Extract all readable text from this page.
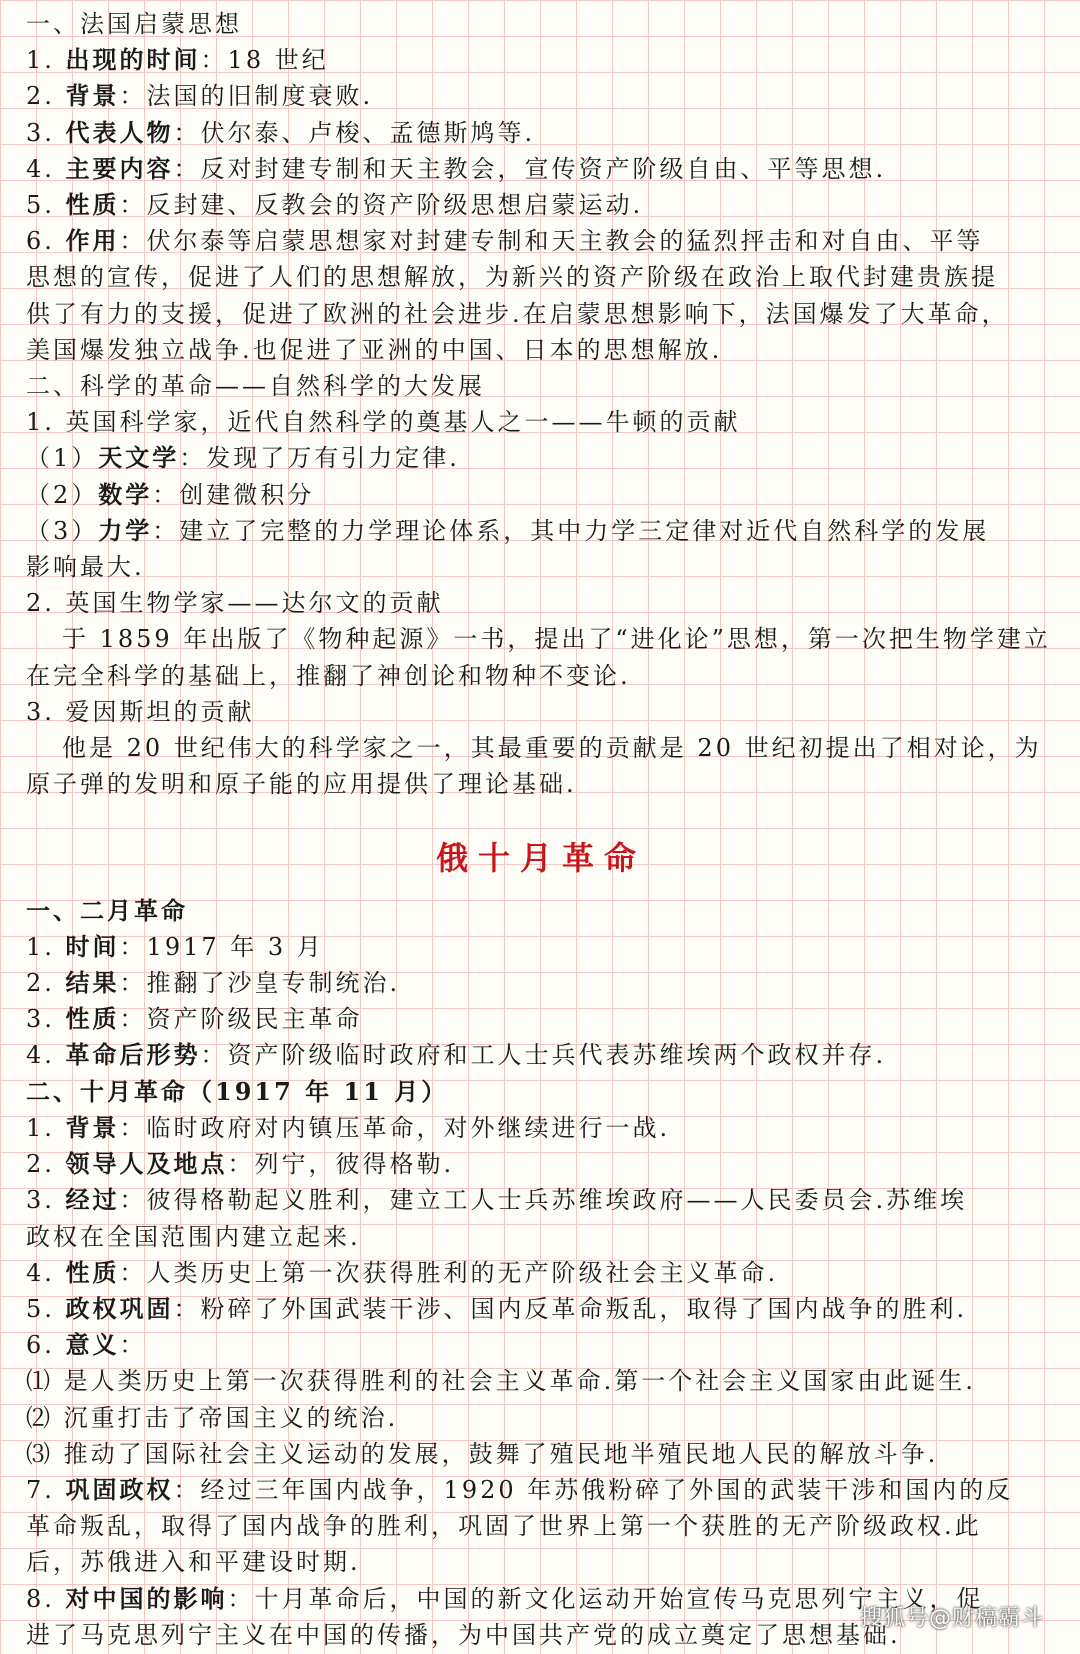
一、法国启蒙思想
1. 出现的时间：18 世纪
2. 背景：法国的旧制度衰败.
3. 代表人物：伏尔泰、卢梭、孟德斯鸠等.
4. 主要内容：反对封建专制和天主教会，宣传资产阶级自由、平等思想.
5. 性质：反封建、反教会的资产阶级思想启蒙运动.
6. 作用：伏尔泰等启蒙思想家对封建专制和天主教会的猛烈抨击和对自由、平等
思想的宣传，促进了人们的思想解放，为新兴的资产阶级在政治上取代封建贵族提
供了有力的支援，促进了欧洲的社会进步.在启蒙思想影响下，法国爆发了大革命，
美国爆发独立战争.也促进了亚洲的中国、日本的思想解放.
二、科学的革命——自然科学的大发展
1. 英国科学家，近代自然科学的奠基人之一——牛顿的贡献
（1）天文学：发现了万有引力定律.
（2）数学：创建微积分
（3）力学：建立了完整的力学理论体系，其中力学三定律对近代自然科学的发展
影响最大.
2. 英国生物学家——达尔文的贡献
于 1859 年出版了《物种起源》一书，提出了“进化论”思想，第一次把生物学建立
在完全科学的基础上，推翻了神创论和物种不变论.
3. 爱因斯坦的贡献
他是 20 世纪伟大的科学家之一，其最重要的贡献是 20 世纪初提出了相对论，为
原子弹的发明和原子能的应用提供了理论基础.
俄十月革命
一、二月革命
1. 时间：1917 年 3 月
2. 结果：推翻了沙皇专制统治.
3. 性质：资产阶级民主革命
4. 革命后形势：资产阶级临时政府和工人士兵代表苏维埃两个政权并存.
二、十月革命（1917 年 11 月）
1. 背景：临时政府对内镇压革命，对外继续进行一战.
2. 领导人及地点：列宁，彼得格勒.
3. 经过：彼得格勒起义胜利，建立工人士兵苏维埃政府——人民委员会.苏维埃
政权在全国范围内建立起来.
4. 性质：人类历史上第一次获得胜利的无产阶级社会主义革命.
5. 政权巩固：粉碎了外国武装干涉、国内反革命叛乱，取得了国内战争的胜利.
6. 意义：
⑴ 是人类历史上第一次获得胜利的社会主义革命.第一个社会主义国家由此诞生.
⑵ 沉重打击了帝国主义的统治.
⑶ 推动了国际社会主义运动的发展，鼓舞了殖民地半殖民地人民的解放斗争.
7. 巩固政权：经过三年国内战争，1920 年苏俄粉碎了外国的武装干涉和国内的反
革命叛乱，取得了国内战争的胜利，巩固了世界上第一个获胜的无产阶级政权.此
后，苏俄进入和平建设时期.
8. 对中国的影响：十月革命后，中国的新文化运动开始宣传马克思列宁主义，促
进了马克思列宁主义在中国的传播，为中国共产党的成立奠定了思想基础.
搜狐号@财稿霸斗
